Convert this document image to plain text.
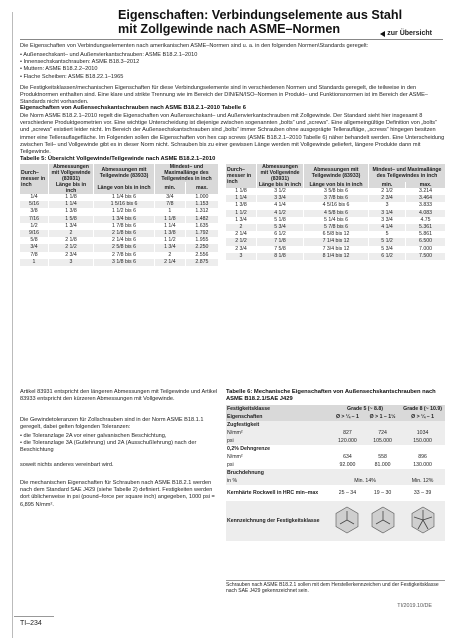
Eigenschaften: Verbindungselemente aus Stahl
mit Zollgewinde nach ASME–Normen	zur Übersicht
Die Eigenschaften von Verbindungselementen nach amerikanischen ASME–Normen sind u. a. in den folgenden Normen\Standards geregelt:
• Außensechskant– und Außenvierkantschrauben: ASME B18.2.1–2010
• Innensechskantschrauben: ASME B18.3–2012
• Muttern: ASME B18.2.2–2010
• Flache Scheiben: ASME B18.22.1–1965
Die Festigkeitsklassen/mechanischen Eigenschaften für diese Verbindungselemente sind in verschiedenen Normen und Standards geregelt, die teilweise in den Produktnormen enthalten sind. Eine klare und strikte Trennung wie im Bereich der DIN/EN/ISO–Normen in Produkt– und Funktionsnormen ist im Bereich der ASME–Standards nicht vorhanden.
Eigenschaften von Außensechskantschrauben nach ASME B18.2.1–2010 Tabelle 6
Die Norm ASME B18.2.1–2010 regelt die Eigenschaften von Außensechskant– und Außenvierkantschrauben mit Zollgewinde. Der Standard sieht hier insgesamt 8 verschiedene Produktgeometrien vor. Eine wichtige Unterscheidung ist diejenige zwischen sogenannten „bolts“ und „screws“. Eine allgemeingültige Definition von „bolts“ und „screws“ existiert leider nicht. Im Bereich der Außensechskantschrauben sind „bolts“ immer Schrauben ohne ausgeprägte Telleraufläge, „screws“ hingegen besitzen immer eine Tellerauflagefläche. Im Folgenden sollen die Eigenschaften von hex cap screws (ASME B18.2.1–2010 Tabelle 6) näher behandelt werden. Eine Unterscheidung zwischen Teil– und Vollgewinde gibt es in dieser Norm nicht. Schrauben bis zu einer gewissen Länge werden mit Vollgewinde geliefert, längere Produkte dann mit Teilgewinde.
Tabelle 5: Übersicht Vollgewinde/Teilgewinde nach ASME B18.2.1–2010
Durch–messer in inch	Abmessungen mit Vollgewinde (83931)	Abmessungen mit Teilgewinde (83933)	Mindest– und Maximallänge des Teilgewindes in inch	
	Länge bis in inch	Länge von bis in inch	min.	max.
1/4	1 1/8	1 1/4 bis 6	3/4	1.000
5/16	1 1/4	1 5/16 bis 6	7/8	1.153
3/8	1 3/8	1 1/2 bis 6	1	1.312
7/16	1 5/8	1 3/4 bis 6	1 1/8	1.482
1/2	1 3/4	1 7/8 bis 6	1 1/4	1.635
9/16	2	2 1/8 bis 6	1 3/8	1.792
5/8	2 1/8	2 1/4 bis 6	1 1/2	1.955
3/4	2 1/2	2 5/8 bis 6	1 3/4	2.250
7/8	2 3/4	2 7/8 bis 6	2	2.556
1	3	3 1/8 bis 6	2 1/4	2.875
Durch–messer in inch	Abmessungen mit Vollgewinde (83931)	Abmessungen mit Teilgewinde (83933)	Mindest– und Maximallänge des Teilgewindes in inch	
	Länge bis in inch	Länge von bis in inch	min.	max.
1 1/8	3 1/2	3 5/8 bis 6	2 1/2	3.214
1 1/4	3 3/4	3 7/8 bis 6	2 3/4	3.464
1 3/8	4 1/4	4 5/16 bis 6	3	3.833
1 1/2	4 1/2	4 5/8 bis 6	3 1/4	4.083
1 3/4	5 1/8	5 1/4 bis 6	3 3/4	4.75
2	5 3/4	5 7/8 bis 6	4 1/4	5.361
2 1/4	6 1/2	6 5/8 bis 12	5	5.861
2 1/2	7 1/8	7 1/4 bis 12	5 1/2	6.500
2 3/4	7 5/8	7 3/4 bis 12	5 3/4	7.000
3	8 1/8	8 1/4 bis 12	6 1/2	7.500
Artikel 83931 entspricht den längeren Abmessungen mit Teilgewinde und Artikel 83933 entspricht den kürzeren Abmessungen mit Vollgewinde.
Die Gewindetoleranzen für Zollschrauben sind in der Norm ASME B18.1.1 geregelt, dabei gelten folgenden Toleranzen:
• die Toleranzlage 2A vor einer galvanischen Beschichtung,
• die Toleranzlage 3A (Gutlehrung) und 2A (Ausschußlehrung) nach der Beschichtung
soweit nichts anderes vereinbart wird.
Die mechanischen Eigenschaften für Schrauben nach ASME B18.2.1 werden nach dem Standard SAE J429 (siehe Tabelle 2) definiert. Festigkeiten werden dort üblicherweise in psi (pound–force per square inch) angegeben, 1000 psi = 6,895 N/mm².
Tabelle 6: Mechanische Eigenschaften von Außensechskantschrauben nach ASME B18.2.1/SAE J429
Festigkeitsklasse	Grade 5 (~ 8.8)		Grade 8 (~ 10.9)
Eigenschaften	Ø > ¼ – 1	Ø > 1 – 1½	Ø > ¼ – 1
Zugfestigkeit			
N/mm²	827	724	1034
psi	120.000	105.000	150.000
0,2% Dehngrenze			
N/mm²	634	558	896
psi	92.000	81.000	130.000
Bruchdehnung			
in %	Min. 14%		Min. 12%
Kernhärte Rockwell in HRC min–max	25 – 34	19 – 30	33 – 39
Kennzeichnung der Festigkeitsklasse			
Schrauben nach ASME B18.2.1 sollen mit dem Herstellerkennzeichen und der Festigkeitsklasse nach SAE J429 gekennzeichnet sein.
TI/2019.10/DE
TI–234
